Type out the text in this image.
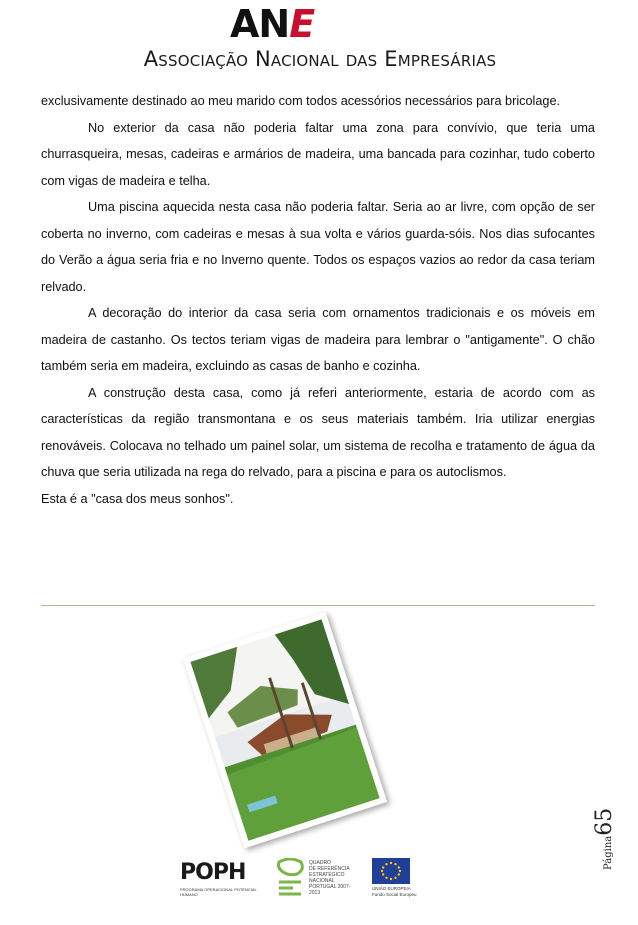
ANE
Associação Nacional das Empresárias

exclusivamente destinado ao meu marido com todos acessórios necessários para bricolage.

No exterior da casa não poderia faltar uma zona para convívio, que teria uma churrasqueira, mesas, cadeiras e armários de madeira, uma bancada para cozinhar, tudo coberto com vigas de madeira e telha.

Uma piscina aquecida nesta casa não poderia faltar. Seria ao ar livre, com opção de ser coberta no inverno, com cadeiras e mesas à sua volta e vários guarda-sóis. Nos dias sufocantes do Verão a água seria fria e no Inverno quente. Todos os espaços vazios ao redor da casa teriam relvado.

A decoração do interior da casa seria com ornamentos tradicionais e os móveis em madeira de castanho. Os tectos teriam vigas de madeira para lembrar o "antigamente". O chão também seria em madeira, excluindo as casas de banho e cozinha.

A construção desta casa, como já referi anteriormente, estaria de acordo com as características da região transmontana e os seus materiais também. Iria utilizar energias renováveis. Colocava no telhado um painel solar, um sistema de recolha e tratamento de água da chuva que seria utilizada na rega do relvado, para a piscina e para os autoclismos.

Esta é a "casa dos meus sonhos".

Página65
POPH
PROGRAMA OPERACIONAL POTENCIAL HUMANO
QUADRO
DE REFERÊNCIA
ESTRATÉGICO
NACIONAL
PORTUGAL 2007-2013
UNIÃO EUROPEIA
Fundo Social Europeu
